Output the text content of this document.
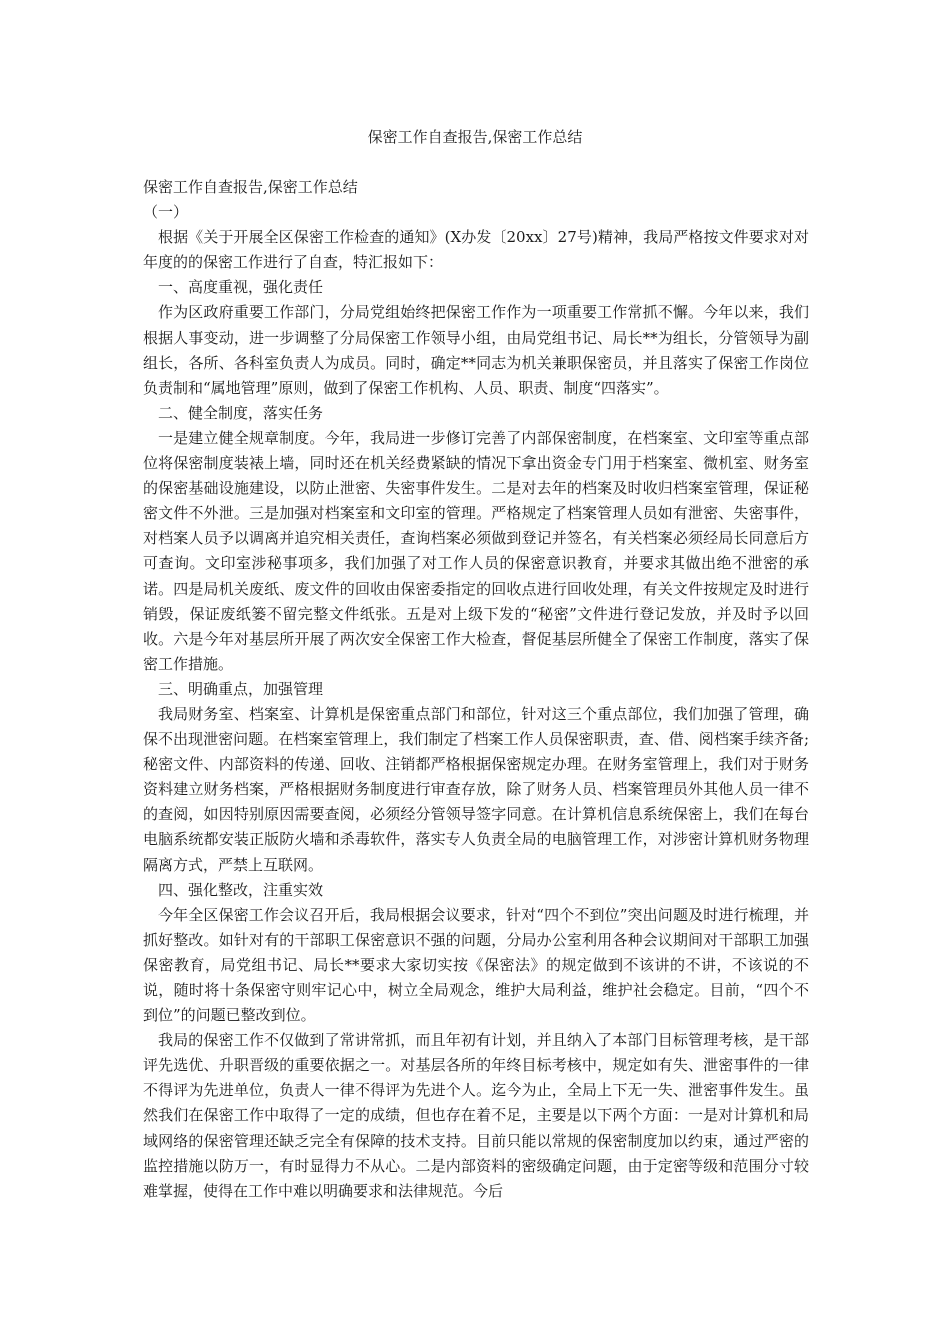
保密工作自查报告,保密工作总结

保密工作自查报告,保密工作总结

（一）

根据《关于开展全区保密工作检查的通知》(X办发〔20xx〕27号)精神，我局严格按文件要求对对年度的的保密工作进行了自查，特汇报如下：

一、高度重视，强化责任

作为区政府重要工作部门，分局党组始终把保密工作作为一项重要工作常抓不懈。今年以来，我们根据人事变动，进一步调整了分局保密工作领导小组，由局党组书记、局长**为组长，分管领导为副组长，各所、各科室负责人为成员。同时，确定**同志为机关兼职保密员，并且落实了保密工作岗位负责制和“属地管理”原则，做到了保密工作机构、人员、职责、制度“四落实”。

二、健全制度，落实任务

一是建立健全规章制度。今年，我局进一步修订完善了内部保密制度，在档案室、文印室等重点部位将保密制度装裱上墙，同时还在机关经费紧缺的情况下拿出资金专门用于档案室、微机室、财务室的保密基础设施建设，以防止泄密、失密事件发生。二是对去年的档案及时收归档案室管理，保证秘密文件不外泄。三是加强对档案室和文印室的管理。严格规定了档案管理人员如有泄密、失密事件，对档案人员予以调离并追究相关责任，查询档案必须做到登记并签名，有关档案必须经局长同意后方可查询。文印室涉秘事项多，我们加强了对工作人员的保密意识教育，并要求其做出绝不泄密的承诺。四是局机关废纸、废文件的回收由保密委指定的回收点进行回收处理，有关文件按规定及时进行销毁，保证废纸篓不留完整文件纸张。五是对上级下发的“秘密”文件进行登记发放，并及时予以回收。六是今年对基层所开展了两次安全保密工作大检查，督促基层所健全了保密工作制度，落实了保密工作措施。

三、明确重点，加强管理

我局财务室、档案室、计算机是保密重点部门和部位，针对这三个重点部位，我们加强了管理，确保不出现泄密问题。在档案室管理上，我们制定了档案工作人员保密职责，查、借、阅档案手续齐备;秘密文件、内部资料的传递、回收、注销都严格根据保密规定办理。在财务室管理上，我们对于财务资料建立财务档案，严格根据财务制度进行审查存放，除了财务人员、档案管理员外其他人员一律不的查阅，如因特别原因需要查阅，必须经分管领导签字同意。在计算机信息系统保密上，我们在每台电脑系统都安装正版防火墙和杀毒软件，落实专人负责全局的电脑管理工作，对涉密计算机财务物理隔离方式，严禁上互联网。

四、强化整改，注重实效

今年全区保密工作会议召开后，我局根据会议要求，针对“四个不到位”突出问题及时进行梳理，并抓好整改。如针对有的干部职工保密意识不强的问题，分局办公室利用各种会议期间对干部职工加强保密教育，局党组书记、局长**要求大家切实按《保密法》的规定做到不该讲的不讲，不该说的不说，随时将十条保密守则牢记心中，树立全局观念，维护大局利益，维护社会稳定。目前，“四个不到位”的问题已整改到位。

我局的保密工作不仅做到了常讲常抓，而且年初有计划，并且纳入了本部门目标管理考核，是干部评先选优、升职晋级的重要依据之一。对基层各所的年终目标考核中，规定如有失、泄密事件的一律不得评为先进单位，负责人一律不得评为先进个人。迄今为止，全局上下无一失、泄密事件发生。虽然我们在保密工作中取得了一定的成绩，但也存在着不足，主要是以下两个方面：一是对计算机和局域网络的保密管理还缺乏完全有保障的技术支持。目前只能以常规的保密制度加以约束，通过严密的监控措施以防万一，有时显得力不从心。二是内部资料的密级确定问题，由于定密等级和范围分寸较难掌握，使得在工作中难以明确要求和法律规范。今后
